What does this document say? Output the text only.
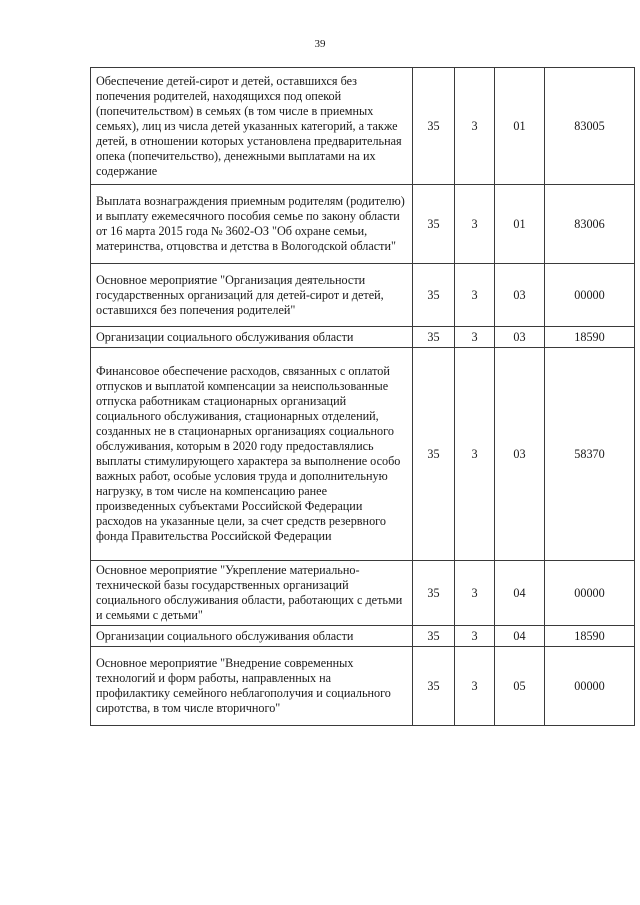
39
Обеспечение детей-сирот и детей, оставшихся без попечения родителей, находящихся под опекой (попечительством) в семьях (в том числе в приемных семьях), лиц из числа детей указанных категорий, а также детей, в отношении которых установлена предварительная опека (попечительство), денежными выплатами на их содержание	35	3	01	83005
Выплата вознаграждения приемным родителям (родителю) и выплату ежемесячного пособия семье по закону области от 16 марта 2015 года № 3602-ОЗ "Об охране семьи, материнства, отцовства и детства в Вологодской области"	35	3	01	83006
Основное мероприятие "Организация деятельности государственных организаций для детей-сирот и детей, оставшихся без попечения родителей"	35	3	03	00000
Организации социального обслуживания области	35	3	03	18590
Финансовое обеспечение расходов, связанных с оплатой отпусков и выплатой компенсации за неиспользованные отпуска работникам стационарных организаций социального обслуживания, стационарных отделений, созданных не в стационарных организациях социального обслуживания, которым в 2020 году предоставлялись выплаты стимулирующего характера за выполнение особо важных работ, особые условия труда и дополнительную нагрузку, в том числе на компенсацию ранее произведенных субъектами Российской Федерации расходов на указанные цели, за счет средств резервного фонда Правительства Российской Федерации	35	3	03	58370
Основное мероприятие "Укрепление материально-технической базы государственных организаций социального обслуживания области, работающих с детьми и семьями с детьми"	35	3	04	00000
Организации социального обслуживания области	35	3	04	18590
Основное мероприятие "Внедрение современных технологий и форм работы, направленных на профилактику семейного неблагополучия и социального сиротства, в том числе вторичного"	35	3	05	00000
